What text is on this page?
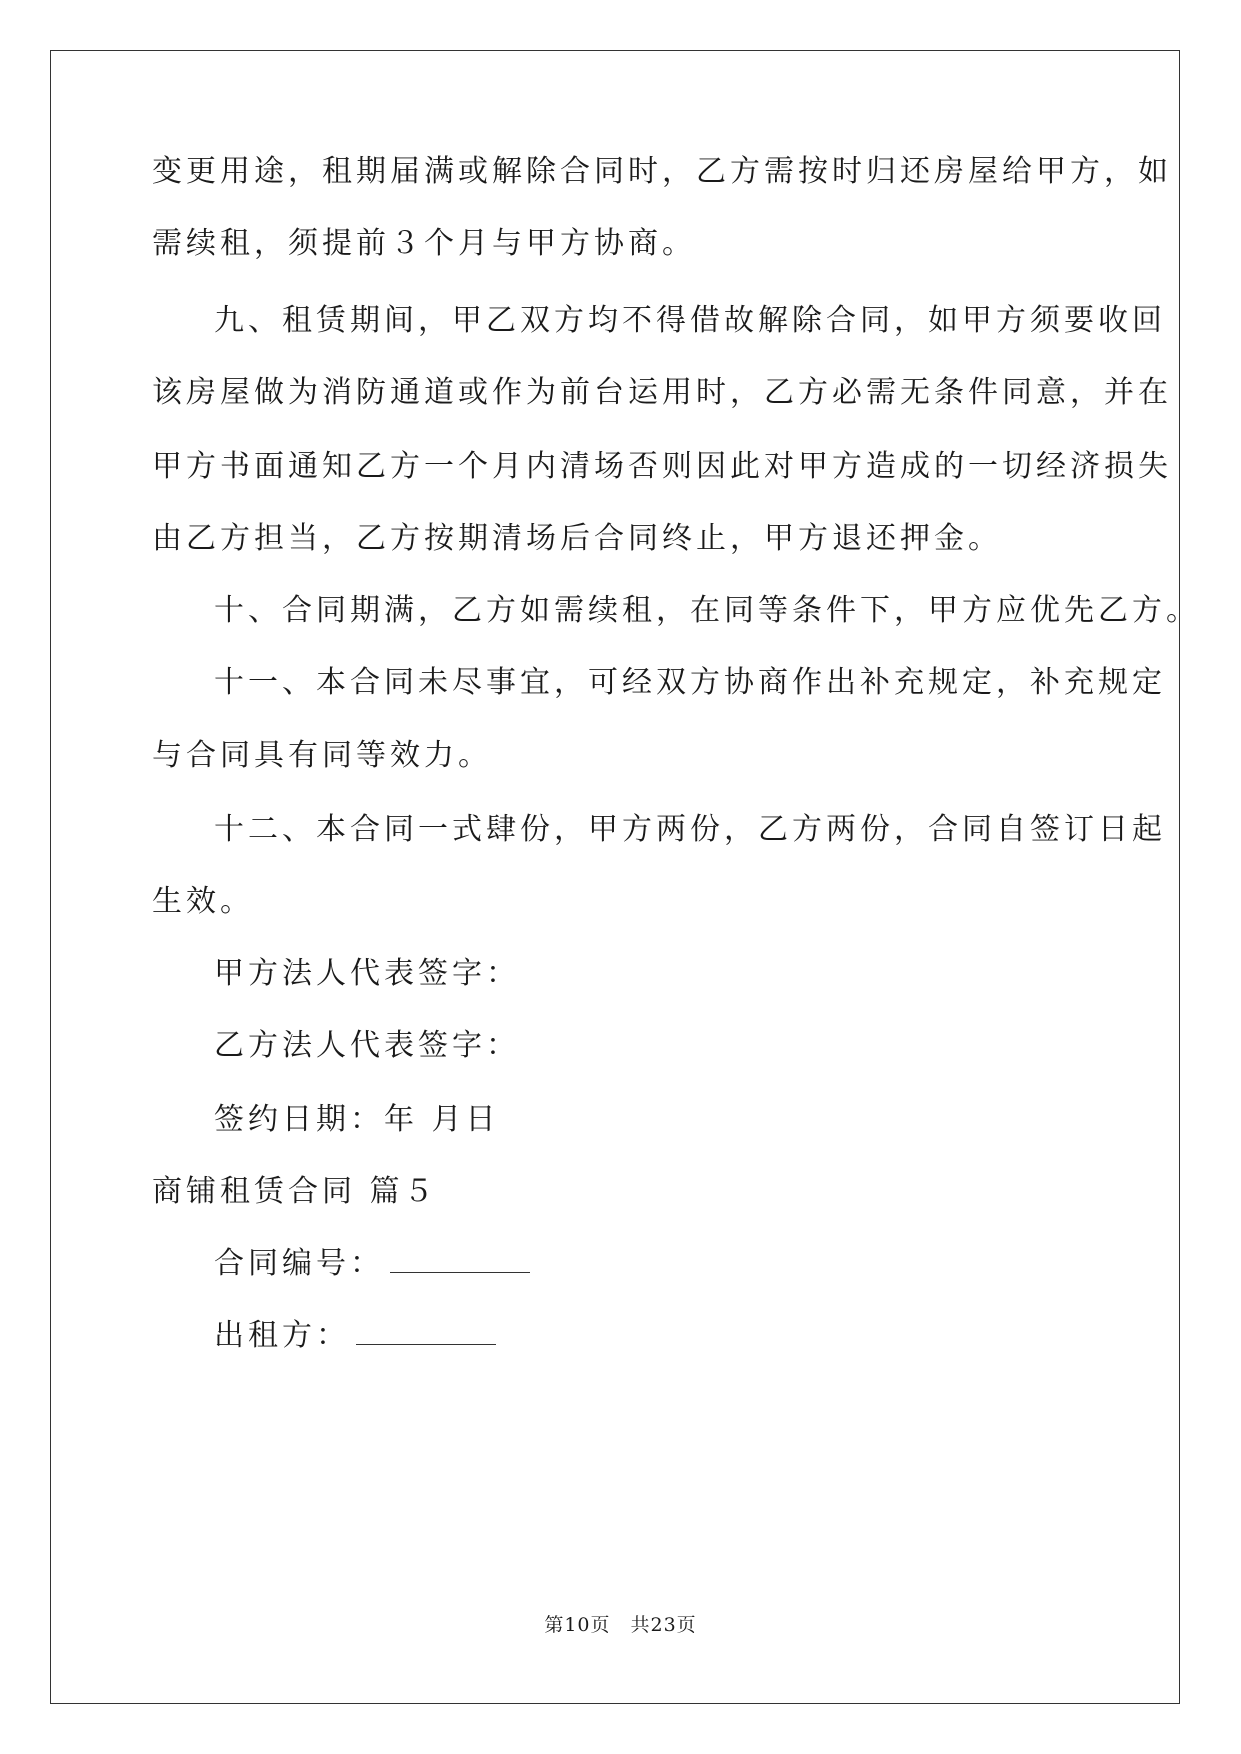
变更用途，租期届满或解除合同时，乙方需按时归还房屋给甲方，如
需续租，须提前３个月与甲方协商。
九、租赁期间，甲乙双方均不得借故解除合同，如甲方须要收回
该房屋做为消防通道或作为前台运用时，乙方必需无条件同意，并在
甲方书面通知乙方一个月内清场否则因此对甲方造成的一切经济损失
由乙方担当，乙方按期清场后合同终止，甲方退还押金。
十、合同期满，乙方如需续租，在同等条件下，甲方应优先乙方。
十一、本合同未尽事宜，可经双方协商作出补充规定，补充规定
与合同具有同等效力。
十二、本合同一式肆份，甲方两份，乙方两份，合同自签订日起
生效。
甲方法人代表签字：
乙方法人代表签字：
签约日期：年 月日
商铺租赁合同 篇５
合同编号：
出租方：
第10页 共23页
